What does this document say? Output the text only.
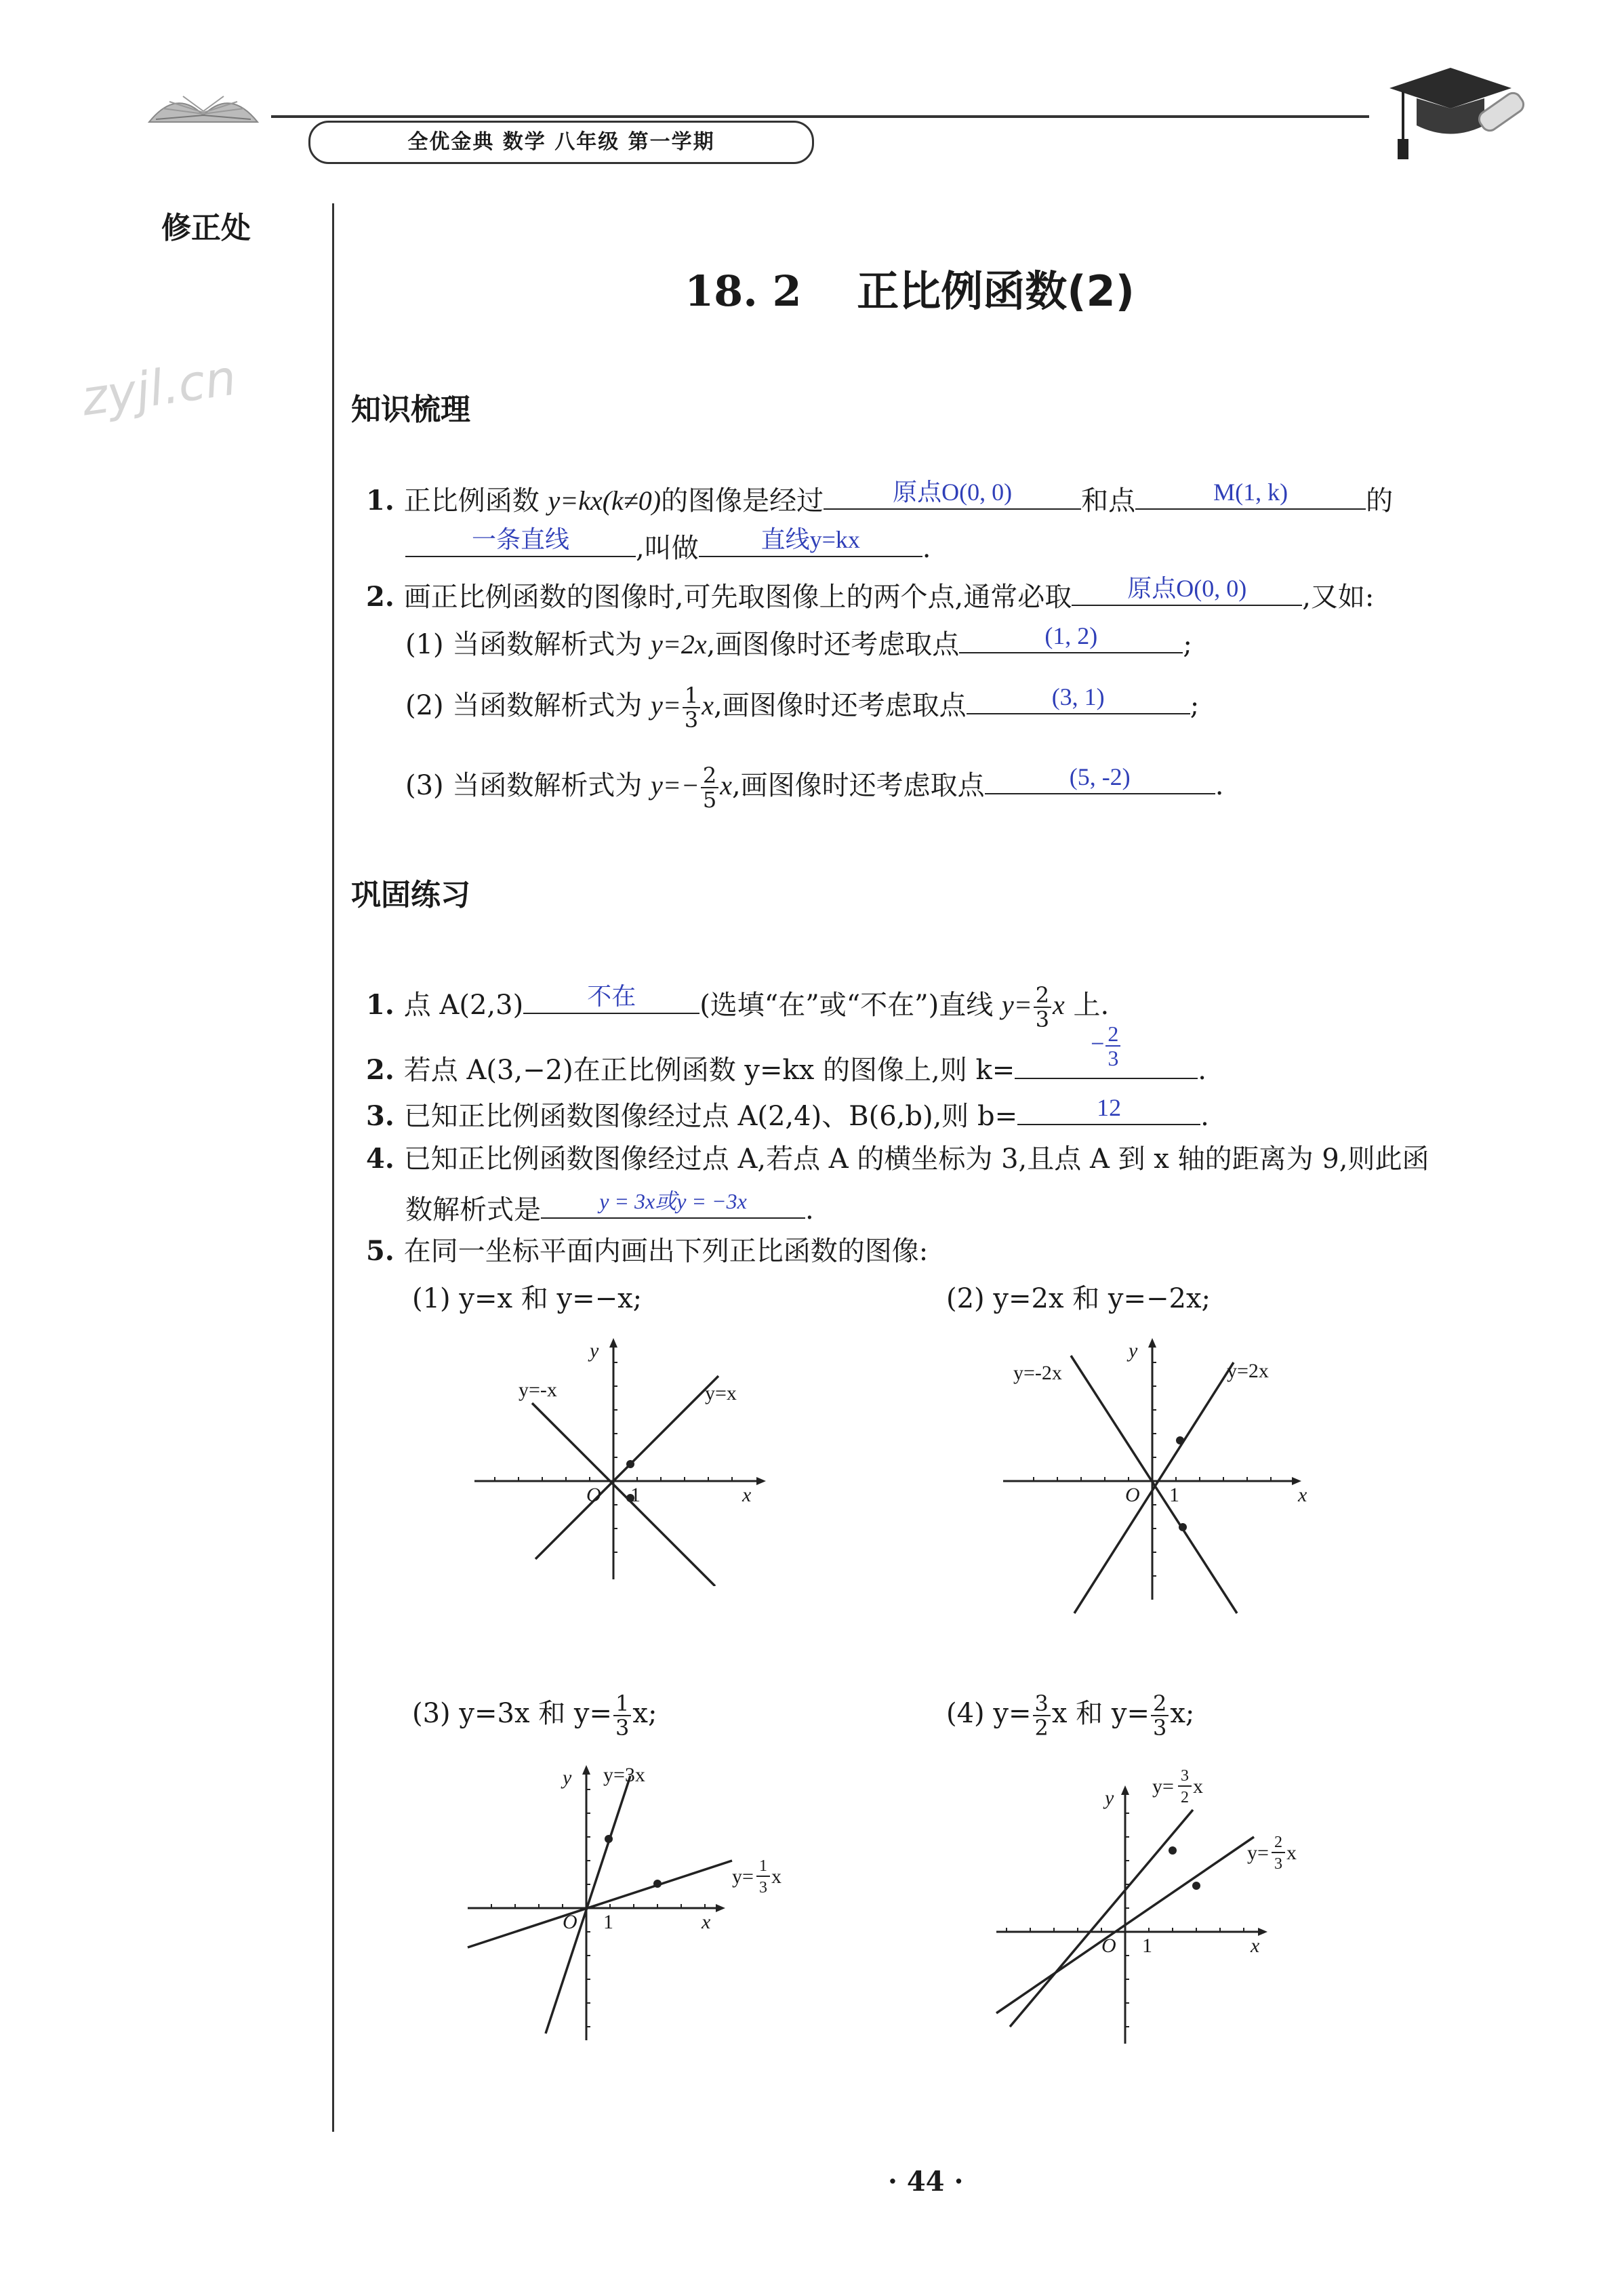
全优金典 数学 八年级 第一学期
修正处
zyjl.cn
18. 2 正比例函数(2)
知识梳理
1. 正比例函数 y=kx(k≠0)的图像是经过	原点O(0, 0)	和点	M(1, k)	的
一条直线	,叫做	直线y=kx	.
2. 画正比例函数的图像时,可先取图像上的两个点,通常必取	原点O(0, 0)	,又如:
(1) 当函数解析式为 y=2x,画图像时还考虑取点	(1, 2)	;
(2) 当函数解析式为 $y= \frac{1}{3} x$,画图像时还考虑取点	(3, 1)	;
(3) 当函数解析式为 $y=- \frac{2}{5} x$,画图像时还考虑取点	(5, -2)	.
巩固练习
1. 点 A(2,3)	不在	(选填“在”或“不在”)直线 $y= \frac{2}{3}$ x 上.
2. 若点 A(3,−2)在正比例函数 y=kx 的图像上,则 k=
− $\frac{2}{3}$
.
3. 已知正比例函数图像经过点 A(2,4)、B(6,b),则 b=	12	.
4. 已知正比例函数图像经过点 A,若点 A 的横坐标为 3,且点 A 到 x 轴的距离为 9,则此函
数解析式是	y = 3x或y = −3x	.
5. 在同一坐标平面内画出下列正比函数的图像:
(1) y=x 和 y=−x;	(2) y=2x 和 y=−2x;
(3) y=3x 和 $y= \frac{1}{3} x$;	(4) $y= \frac{3}{2}$ x 和 $y= \frac{2}{3} x$;
y
x
O 1
y=-x	y=x
y
x
O 1
y=-2x	y=2x
y
x
O 1
y=3x
y= 1
3 x
y
x
O 1
y= 3
2 x
y= 2
3 x
· 44 ·
